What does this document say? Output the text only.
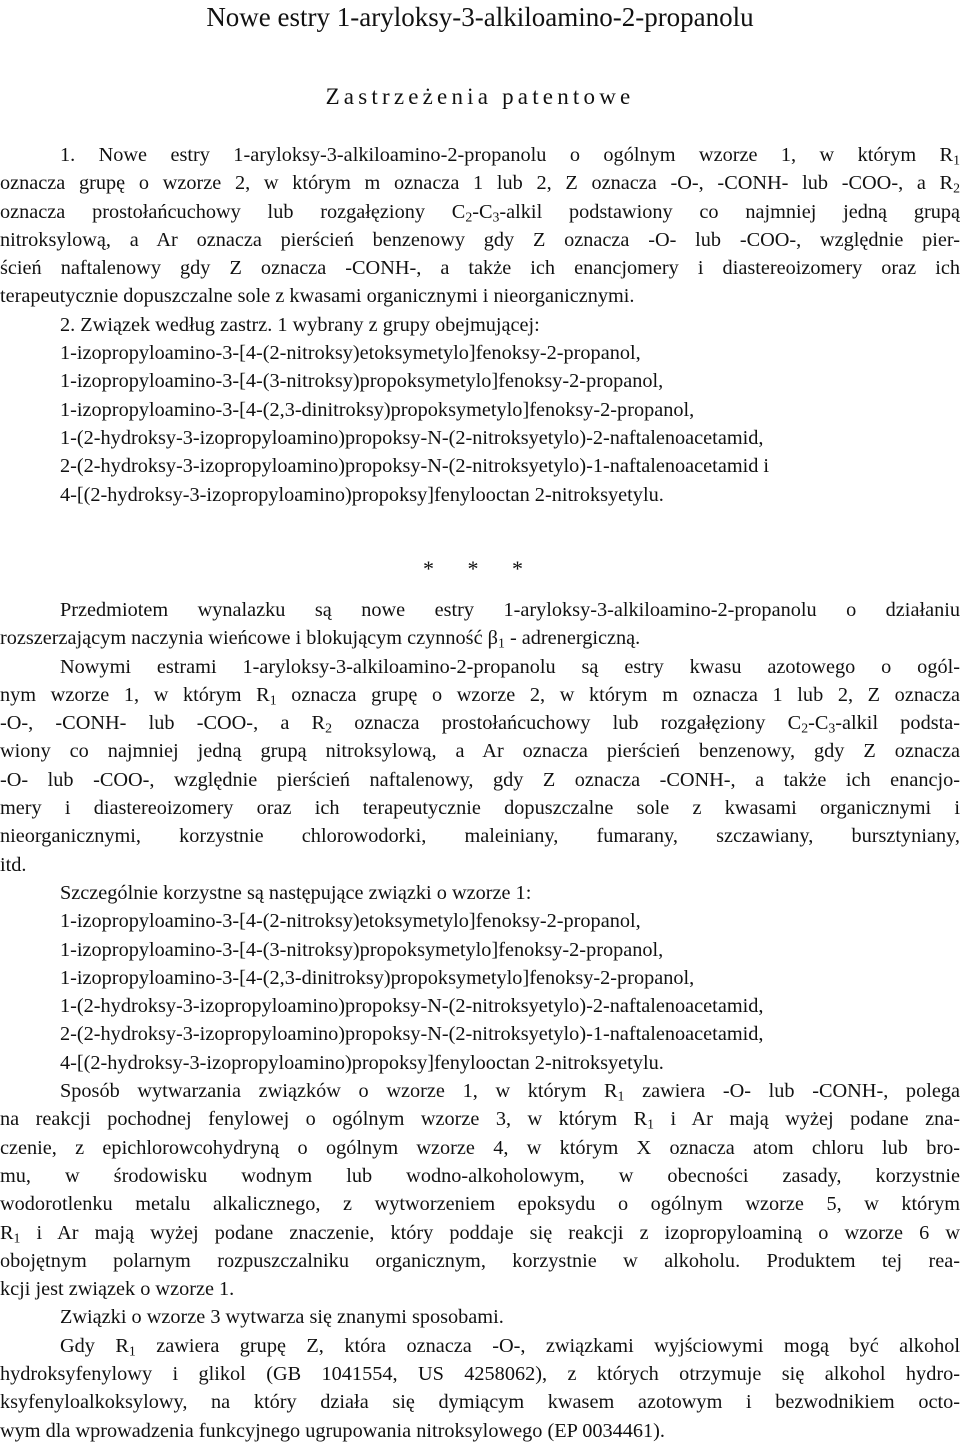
Nowe estry 1-aryloksy-3-alkiloamino-2-propanolu
Zastrzeżenia patentowe
1. Nowe estry 1-aryloksy-3-alkiloamino-2-propanolu o ogólnym wzorze 1, w którym $R_1$
oznacza grupę o wzorze 2, w którym m oznacza 1 lub 2, Z oznacza -O-, -CONH- lub -COO-, a $R_2$
oznacza prostołańcuchowy lub rozgałęziony $C_2-C_3$-alkil podstawiony co najmniej jedną grupą
nitroksylową, a Ar oznacza pierścień benzenowy gdy Z oznacza -O- lub -COO-, względnie pier-
ścień naftalenowy gdy Z oznacza -CONH-, a także ich enancjomery i diastereoizomery oraz ich
terapeutycznie dopuszczalne sole z kwasami organicznymi i nieorganicznymi.
2. Związek według zastrz. 1 wybrany z grupy obejmującej:
1-izopropyloamino-3-[4-(2-nitroksy)etoksymetylo]fenoksy-2-propanol,
1-izopropyloamino-3-[4-(3-nitroksy)propoksymetylo]fenoksy-2-propanol,
1-izopropyloamino-3-[4-(2,3-dinitroksy)propoksymetylo]fenoksy-2-propanol,
1-(2-hydroksy-3-izopropyloamino)propoksy-N-(2-nitroksyetylo)-2-naftalenoacetamid,
2-(2-hydroksy-3-izopropyloamino)propoksy-N-(2-nitroksyetylo)-1-naftalenoacetamid i
4-[(2-hydroksy-3-izopropyloamino)propoksy]fenylooctan 2-nitroksyetylu.
* * *
Przedmiotem wynalazku są nowe estry 1-aryloksy-3-alkiloamino-2-propanolu o działaniu
rozszerzającym naczynia wieńcowe i blokującym czynność $\beta_1$ - adrenergiczną.
Nowymi estrami 1-aryloksy-3-alkiloamino-2-propanolu są estry kwasu azotowego o ogól-
nym wzorze 1, w którym $R_1$ oznacza grupę o wzorze 2, w którym m oznacza 1 lub 2, Z oznacza
-O-, -CONH- lub -COO-, a $R_2$ oznacza prostołańcuchowy lub rozgałęziony $C_2-C_3$-alkil podsta-
wiony co najmniej jedną grupą nitroksylową, a Ar oznacza pierścień benzenowy, gdy Z oznacza
-O- lub -COO-, względnie pierścień naftalenowy, gdy Z oznacza -CONH-, a także ich enancjo-
mery i diastereoizomery oraz ich terapeutycznie dopuszczalne sole z kwasami organicznymi i
nieorganicznymi, korzystnie chlorowodorki, maleiniany, fumarany, szczawiany, bursztyniany,
itd.
Szczególnie korzystne są następujące związki o wzorze 1:
1-izopropyloamino-3-[4-(2-nitroksy)etoksymetylo]fenoksy-2-propanol,
1-izopropyloamino-3-[4-(3-nitroksy)propoksymetylo]fenoksy-2-propanol,
1-izopropyloamino-3-[4-(2,3-dinitroksy)propoksymetylo]fenoksy-2-propanol,
1-(2-hydroksy-3-izopropyloamino)propoksy-N-(2-nitroksyetylo)-2-naftalenoacetamid,
2-(2-hydroksy-3-izopropyloamino)propoksy-N-(2-nitroksyetylo)-1-naftalenoacetamid,
4-[(2-hydroksy-3-izopropyloamino)propoksy]fenylooctan 2-nitroksyetylu.
Sposób wytwarzania związków o wzorze 1, w którym $R_1$ zawiera -O- lub -CONH-, polega
na reakcji pochodnej fenylowej o ogólnym wzorze 3, w którym $R_1$ i Ar mają wyżej podane zna-
czenie, z epichlorowcohydryną o ogólnym wzorze 4, w którym X oznacza atom chloru lub bro-
mu, w środowisku wodnym lub wodno-alkoholowym, w obecności zasady, korzystnie
wodorotlenku metalu alkalicznego, z wytworzeniem epoksydu o ogólnym wzorze 5, w którym
$R_1$ i Ar mają wyżej podane znaczenie, który poddaje się reakcji z izopropyloaminą o wzorze 6 w
obojętnym polarnym rozpuszczalniku organicznym, korzystnie w alkoholu. Produktem tej rea-
kcji jest związek o wzorze 1.
Związki o wzorze 3 wytwarza się znanymi sposobami.
Gdy $R_1$ zawiera grupę Z, która oznacza -O-, związkami wyjściowymi mogą być alkohol
hydroksyfenylowy i glikol (GB 1041554, US 4258062), z których otrzymuje się alkohol hydro-
ksyfenyloalkoksylowy, na który działa się dymiącym kwasem azotowym i bezwodnikiem octo-
wym dla wprowadzenia funkcyjnego ugrupowania nitroksylowego (EP 0034461).
